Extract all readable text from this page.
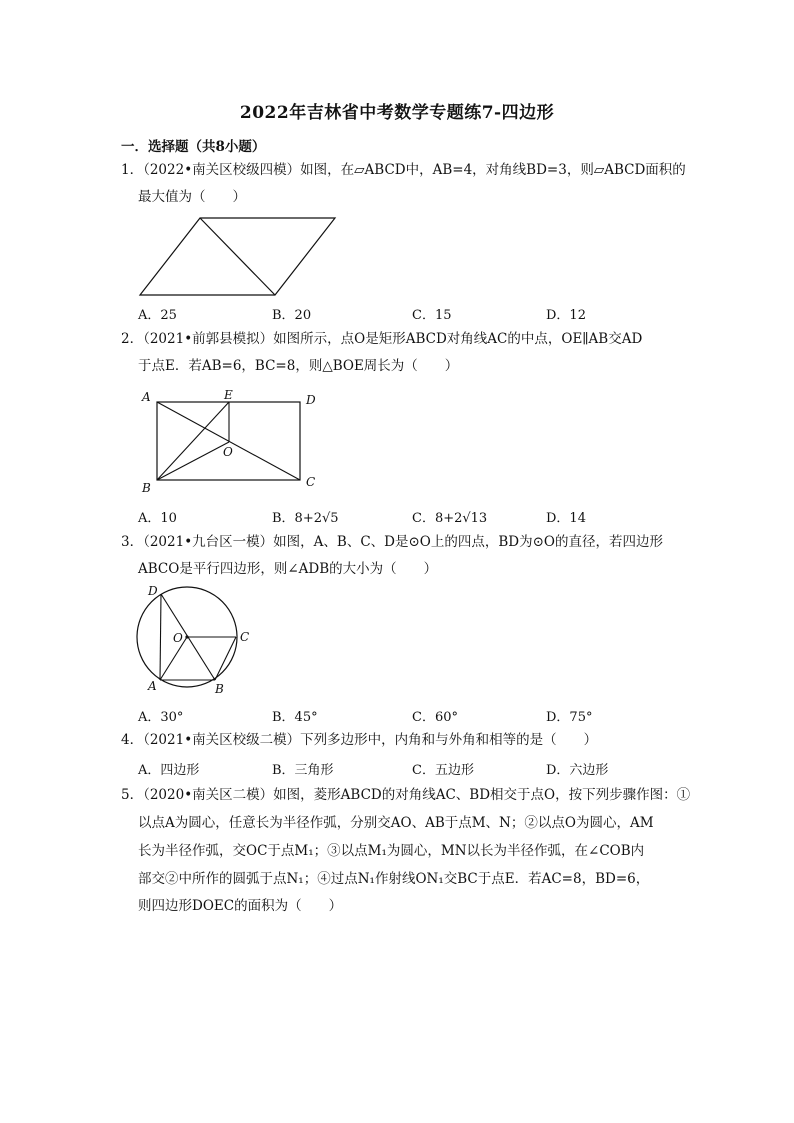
2022年吉林省中考数学专题练7-四边形
一．选择题（共8小题）
1．（2022•南关区校级四模）如图，在▱ABCD中，AB=4，对角线BD=3，则▱ABCD面积的
最大值为（　　）
A．25	B．20	C．15	D．12
2．（2021•前郭县模拟）如图所示，点O是矩形ABCD对角线AC的中点，OE∥AB交AD
于点E．若AB=6，BC=8，则△BOE周长为（　　）
A	E	D
O
B	C
A．10	B．8+2√5	C．8+2√13	D．14
3．（2021•九台区一模）如图，A、B、C、D是⊙O上的四点，BD为⊙O的直径，若四边形
ABCO是平行四边形，则∠ADB的大小为（　　）
D
O	C
A	B
A．30°	B．45°	C．60°	D．75°
4．（2021•南关区校级二模）下列多边形中，内角和与外角和相等的是（　　）
A．四边形	B．三角形	C．五边形	D．六边形
5．（2020•南关区二模）如图，菱形ABCD的对角线AC、BD相交于点O，按下列步骤作图：①
以点A为圆心，任意长为半径作弧，分别交AO、AB于点M、N；②以点O为圆心，AM
长为半径作弧，交OC于点M₁；③以点M₁为圆心，MN以长为半径作弧，在∠COB内
部交②中所作的圆弧于点N₁；④过点N₁作射线ON₁交BC于点E．若AC=8，BD=6，
则四边形DOEC的面积为（　　）
